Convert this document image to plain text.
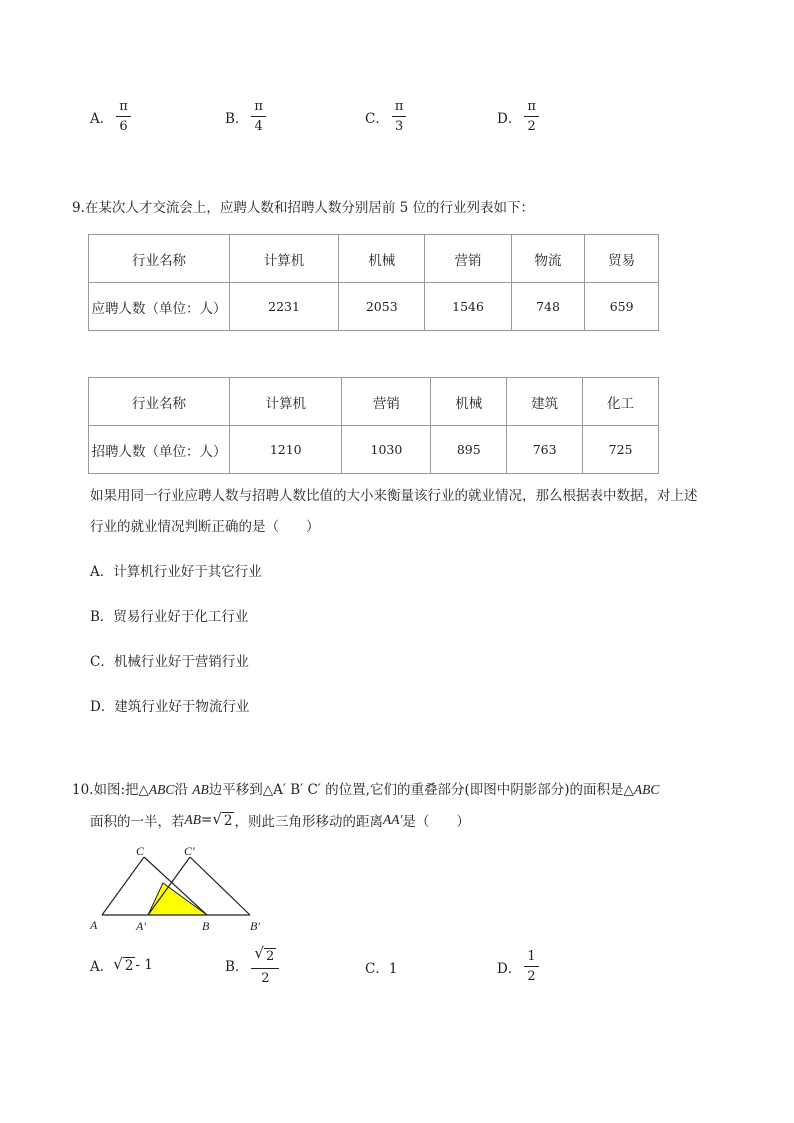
A． $\frac{\pi}{6}$	B． $\frac{\pi}{4}$	C． $\frac{\pi}{3}$	D． $\frac{\pi}{2}$
9.在某次人才交流会上，应聘人数和招聘人数分别居前 5 位的行业列表如下：
行业名称	计算机	机械	营销	物流	贸易
应聘人数（单位：人）	2231	2053	1546	748	659
行业名称	计算机	营销	机械	建筑	化工
招聘人数（单位：人）	1210	1030	895	763	725
如果用同一行业应聘人数与招聘人数比值的大小来衡量该行业的就业情况，那么根据表中数据，对上述
行业的就业情况判断正确的是（　　）
A．计算机行业好于其它行业
B．贸易行业好于化工行业
C．机械行业好于营销行业
D．建筑行业好于物流行业
10.如图:把△ABC沿 AB边平移到△A′ B′ C′ 的位置,它们的重叠部分(即图中阴影部分)的面积是△ABC
面积的一半，若 AB = √ 2 ，则此三角形移动的距离 AA′ 是（　　）
A	A′	B	B′
C	C′
A． √ 2 - 1	B． $\frac{√ 2}{2}$	C．1	D． $\frac{1}{2}$
